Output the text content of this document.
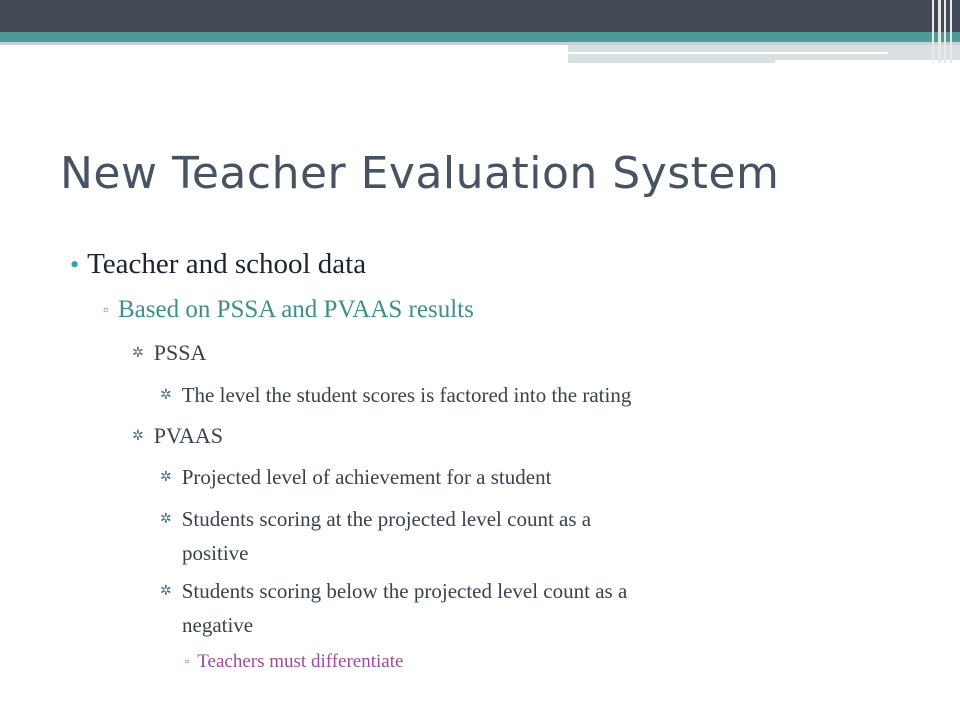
New Teacher Evaluation System
• Teacher and school data
▫ Based on PSSA and PVAAS results
✲ PSSA
✲ The level the student scores is factored into the rating
✲ PVAAS
✲ Projected level of achievement for a student
✲ Students scoring at the projected level count as a
positive
✲ Students scoring below the projected level count as a
negative
▫ Teachers must differentiate
